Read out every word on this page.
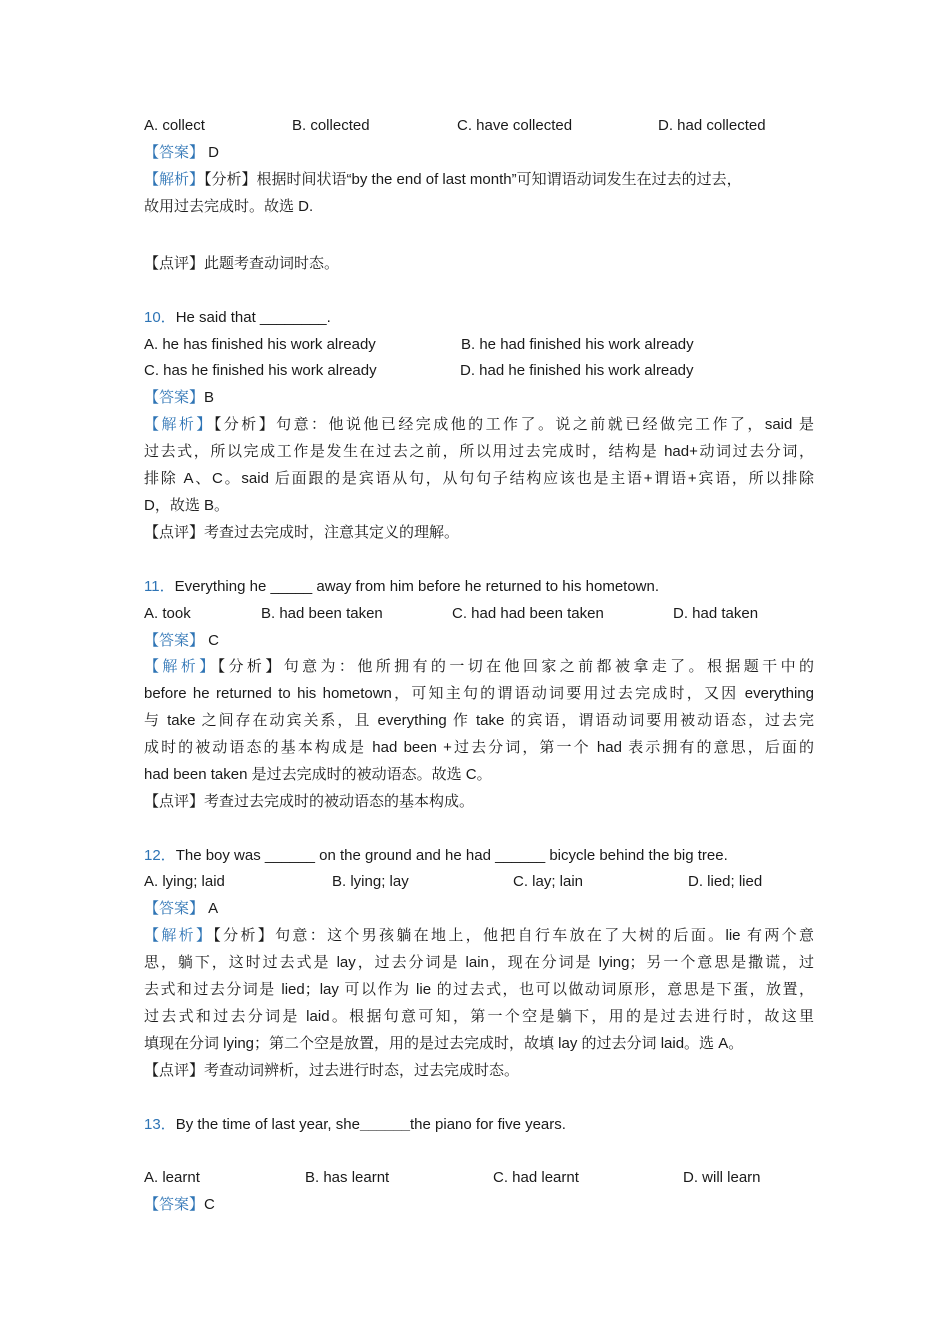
A. collect	B. collected	C. have collected	D. had collected
【答案】 D
【解析】【分析】根据时间状语“by the end of last month”可知谓语动词发生在过去的过去，
故用过去完成时。故选 D.
【点评】此题考查动词时态。
10．He said that ________.
A. he has finished his work already	B. he had finished his work already
C. has he finished his work already	D. had he finished his work already
【答案】B
【解析】【分析】句意：他说他已经完成他的工作了。说之前就已经做完工作了，said 是
过去式，所以完成工作是发生在过去之前，所以用过去完成时，结构是 had+动词过去分词，
排除 A、C。said 后面跟的是宾语从句，从句句子结构应该也是主语+谓语+宾语，所以排除
D，故选 B。
【点评】考查过去完成时，注意其定义的理解。
11．Everything he _____ away from him before he returned to his hometown.
A. took	B. had been taken	C. had had been taken	D. had taken
【答案】 C
【解析】【分析】句意为：他所拥有的一切在他回家之前都被拿走了。根据题干中的
before he returned to his hometown，可知主句的谓语动词要用过去完成时，又因 everything
与 take 之间存在动宾关系，且 everything 作 take 的宾语，谓语动词要用被动语态，过去完
成时的被动语态的基本构成是 had been +过去分词，第一个 had 表示拥有的意思，后面的
had been taken 是过去完成时的被动语态。故选 C。
【点评】考查过去完成时的被动语态的基本构成。
12．The boy was ______ on the ground and he had ______ bicycle behind the big tree.
A. lying; laid	B. lying; lay	C. lay; lain	D. lied; lied
【答案】 A
【解析】【分析】句意：这个男孩躺在地上，他把自行车放在了大树的后面。lie 有两个意
思，躺下，这时过去式是 lay，过去分词是 lain，现在分词是 lying；另一个意思是撒谎，过
去式和过去分词是 lied；lay 可以作为 lie 的过去式，也可以做动词原形，意思是下蛋，放置，
过去式和过去分词是 laid。根据句意可知，第一个空是躺下，用的是过去进行时，故这里
填现在分词 lying；第二个空是放置，用的是过去完成时，故填 lay 的过去分词 laid。选 A。
【点评】考查动词辨析，过去进行时态，过去完成时态。
13．By the time of last year, she______the piano for five years.
A. learnt	B. has learnt	C. had learnt	D. will learn
【答案】C
